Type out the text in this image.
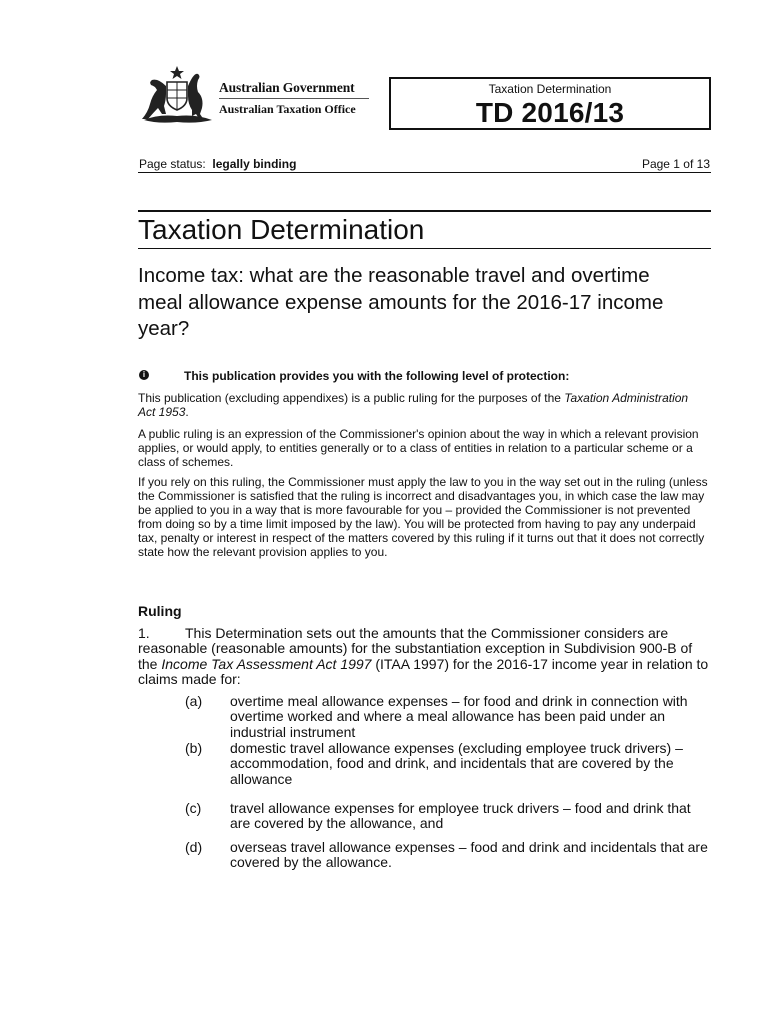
Australian Government
Australian Taxation Office
Taxation Determination
TD 2016/13
Page status: legally binding	Page 1 of 13
Taxation Determination
Income tax: what are the reasonable travel and overtime meal allowance expense amounts for the 2016-17 income year?
i	This publication provides you with the following level of protection:
This publication (excluding appendixes) is a public ruling for the purposes of the Taxation Administration Act 1953.
A public ruling is an expression of the Commissioner's opinion about the way in which a relevant provision applies, or would apply, to entities generally or to a class of entities in relation to a particular scheme or a class of schemes.
If you rely on this ruling, the Commissioner must apply the law to you in the way set out in the ruling (unless the Commissioner is satisfied that the ruling is incorrect and disadvantages you, in which case the law may be applied to you in a way that is more favourable for you – provided the Commissioner is not prevented from doing so by a time limit imposed by the law). You will be protected from having to pay any underpaid tax, penalty or interest in respect of the matters covered by this ruling if it turns out that it does not correctly state how the relevant provision applies to you.
Ruling
1.	This Determination sets out the amounts that the Commissioner considers are reasonable (reasonable amounts) for the substantiation exception in Subdivision 900-B of the Income Tax Assessment Act 1997 (ITAA 1997) for the 2016-17 income year in relation to claims made for:
(a) overtime meal allowance expenses – for food and drink in connection with overtime worked and where a meal allowance has been paid under an industrial instrument
(b) domestic travel allowance expenses (excluding employee truck drivers) – accommodation, food and drink, and incidentals that are covered by the allowance
(c) travel allowance expenses for employee truck drivers – food and drink that are covered by the allowance, and
(d) overseas travel allowance expenses – food and drink and incidentals that are covered by the allowance.
